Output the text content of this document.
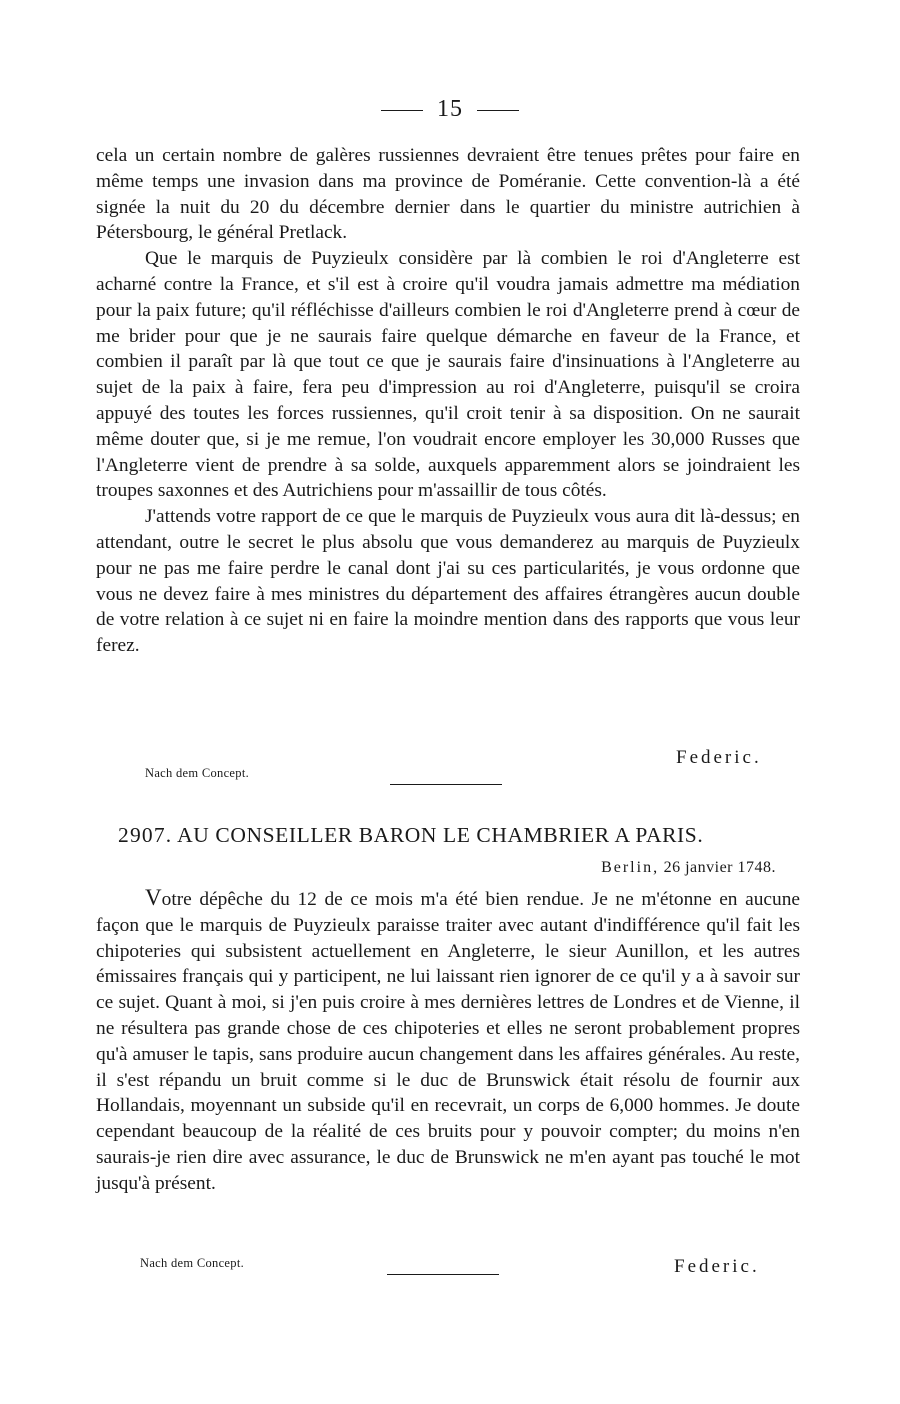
15

cela un certain nombre de galères russiennes devraient être tenues prêtes pour faire en même temps une invasion dans ma province de Poméranie. Cette convention-là a été signée la nuit du 20 du décembre dernier dans le quartier du ministre autrichien à Pétersbourg, le général Pretlack.

Que le marquis de Puyzieulx considère par là combien le roi d'Angleterre est acharné contre la France, et s'il est à croire qu'il voudra jamais admettre ma médiation pour la paix future; qu'il réfléchisse d'ailleurs combien le roi d'Angleterre prend à cœur de me brider pour que je ne saurais faire quelque démarche en faveur de la France, et combien il paraît par là que tout ce que je saurais faire d'insinuations à l'Angleterre au sujet de la paix à faire, fera peu d'impression au roi d'Angleterre, puisqu'il se croira appuyé des toutes les forces russiennes, qu'il croit tenir à sa disposition. On ne saurait même douter que, si je me remue, l'on voudrait encore employer les 30,000 Russes que l'Angleterre vient de prendre à sa solde, auxquels apparemment alors se joindraient les troupes saxonnes et des Autrichiens pour m'assaillir de tous côtés.

J'attends votre rapport de ce que le marquis de Puyzieulx vous aura dit là-dessus; en attendant, outre le secret le plus absolu que vous demanderez au marquis de Puyzieulx pour ne pas me faire perdre le canal dont j'ai su ces particularités, je vous ordonne que vous ne devez faire à mes ministres du département des affaires étrangères aucun double de votre relation à ce sujet ni en faire la moindre mention dans des rapports que vous leur ferez.

Federic.
Nach dem Concept.
2907. AU CONSEILLER BARON LE CHAMBRIER A PARIS.
Berlin, 26 janvier 1748.

Votre dépêche du 12 de ce mois m'a été bien rendue. Je ne m'étonne en aucune façon que le marquis de Puyzieulx paraisse traiter avec autant d'indifférence qu'il fait les chipoteries qui subsistent actuellement en Angleterre, le sieur Aunillon, et les autres émissaires français qui y participent, ne lui laissant rien ignorer de ce qu'il y a à savoir sur ce sujet. Quant à moi, si j'en puis croire à mes dernières lettres de Londres et de Vienne, il ne résultera pas grande chose de ces chipoteries et elles ne seront probablement propres qu'à amuser le tapis, sans produire aucun changement dans les affaires générales. Au reste, il s'est répandu un bruit comme si le duc de Brunswick était résolu de fournir aux Hollandais, moyennant un subside qu'il en recevrait, un corps de 6,000 hommes. Je doute cependant beaucoup de la réalité de ces bruits pour y pouvoir compter; du moins n'en saurais-je rien dire avec assurance, le duc de Brunswick ne m'en ayant pas touché le mot jusqu'à présent.

Nach dem Concept.	Federic.
